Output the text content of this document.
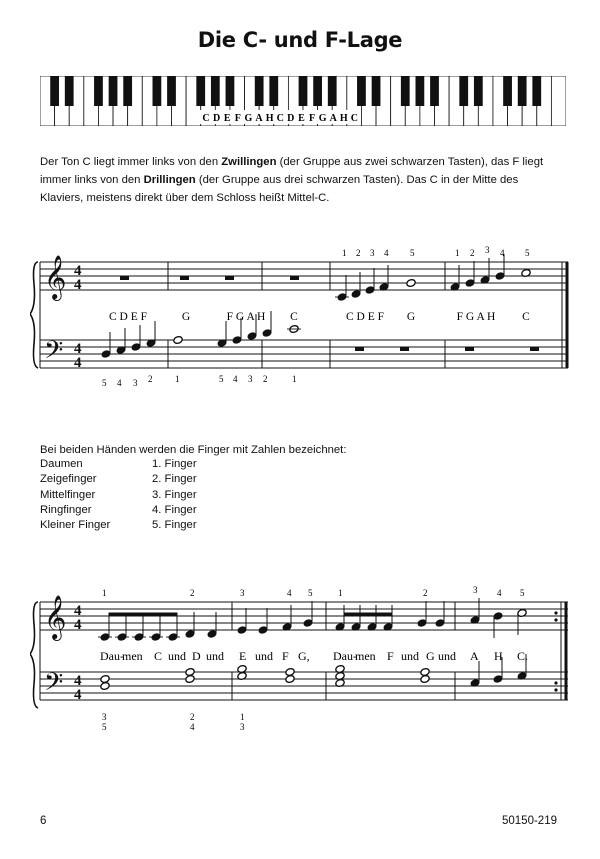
Die C- und F-Lage
C D E F G A H C D E F G A H C
Der Ton C liegt immer links von den Zwillingen (der Gruppe aus zwei schwarzen Tasten), das F liegt immer links von den Drillingen (der Gruppe aus drei schwarzen Tasten). Das C in der Mitte des Klaviers, meistens direkt über dem Schloss heißt Mittel-C.
𝄞
𝄢
4
4
4
4
C D E F	G	F G A H C	C D E F G	F G A H C
1 2 3 4 5	1 2 3 4 5
5 4 3 2	1	5 4 3 2	1
Bei beiden Händen werden die Finger mit Zahlen bezeichnet:
Daumen	1. Finger
Zeigefinger	2. Finger
Mittelfinger	3. Finger
Ringfinger	4. Finger
Kleiner Finger	5. Finger
𝄞
𝄢
4
4
4
4
Dau-
men C und D und E und F G, Dau-
men F und G und A H C.
1	2	3	4 5	1	2	3 4 5
3
5
2
4
1
3
6	50150-219
